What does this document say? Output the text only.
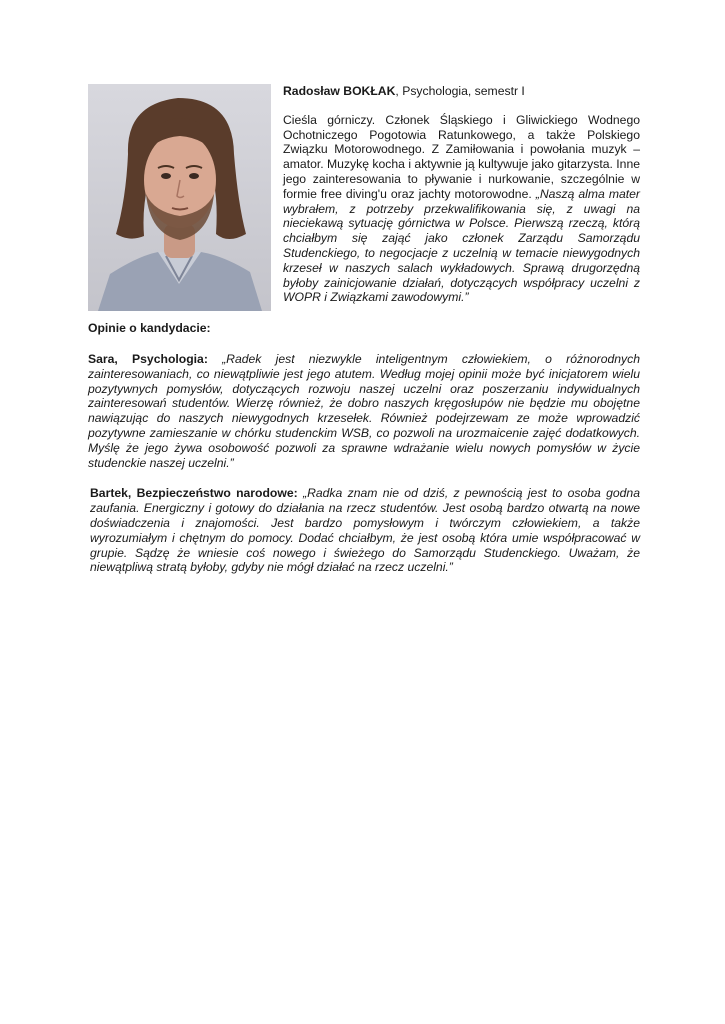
Radosław BOKŁAK, Psychologia, semestr I

Cieśla górniczy. Członek Śląskiego i Gliwickiego Wodnego Ochotniczego Pogotowia Ratunkowego, a także Polskiego Związku Motorowodnego. Z Zamiłowania i powołania muzyk – amator. Muzykę kocha i aktywnie ją kultywuje jako gitarzysta. Inne jego zainteresowania to pływanie i nurkowanie, szczególnie w formie free diving'u oraz jachty motorowodne. „Naszą alma mater wybrałem, z potrzeby przekwalifikowania się, z uwagi na nieciekawą sytuację górnictwa w Polsce. Pierwszą rzeczą, którą chciałbym się zająć jako członek Zarządu Samorządu Studenckiego, to negocjacje z uczelnią w temacie niewygodnych krzeseł w naszych salach wykładowych. Sprawą drugorzędną byłoby zainicjowanie działań, dotyczących współpracy uczelni z WOPR i Związkami zawodowymi.”

Opinie o kandydacie:

Sara, Psychologia: „Radek jest niezwykle inteligentnym człowiekiem, o różnorodnych zainteresowaniach, co niewątpliwie jest jego atutem. Według mojej opinii może być inicjatorem wielu pozytywnych pomysłów, dotyczących rozwoju naszej uczelni oraz poszerzaniu indywidualnych zainteresowań studentów. Wierzę również, że dobro naszych kręgosłupów nie będzie mu obojętne nawiązując do naszych niewygodnych krzesełek. Również podejrzewam ze może wprowadzić pozytywne zamieszanie w chórku studenckim WSB, co pozwoli na urozmaicenie zajęć dodatkowych. Myślę że jego żywa osobowość pozwoli za sprawne wdrażanie wielu nowych pomysłów w życie studenckie naszej uczelni.”

Bartek, Bezpieczeństwo narodowe: „Radka znam nie od dziś, z pewnością jest to osoba godna zaufania. Energiczny i gotowy do działania na rzecz studentów. Jest osobą bardzo otwartą na nowe doświadczenia i znajomości. Jest bardzo pomysłowym i twórczym człowiekiem, a także wyrozumiałym i chętnym do pomocy. Dodać chciałbym, że jest osobą która umie współpracować w grupie. Sądzę że wniesie coś nowego i świeżego do Samorządu Studenckiego. Uważam, że niewątpliwą stratą byłoby, gdyby nie mógł działać na rzecz uczelni.”
